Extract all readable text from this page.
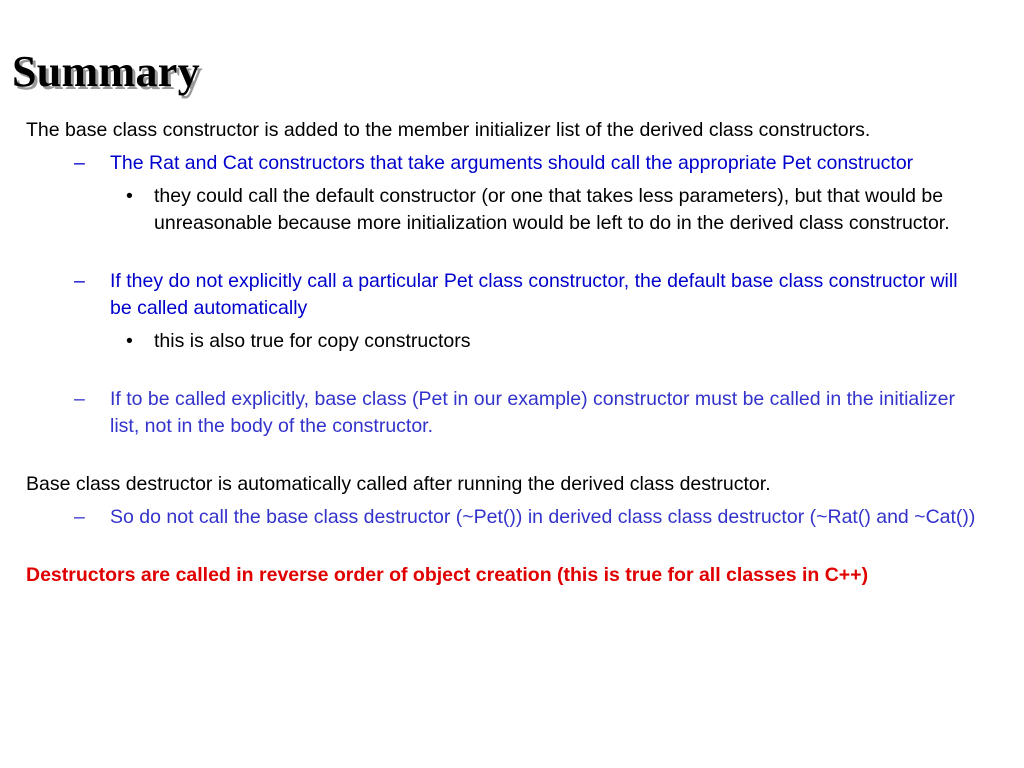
Summary

The base class constructor is added to the member initializer list of the derived class constructors.

– The Rat and Cat constructors that take arguments should call the appropriate Pet constructor

• they could call the default constructor (or one that takes less parameters), but that would be unreasonable because more initialization would be left to do in the derived class constructor.

– If they do not explicitly call a particular Pet class constructor, the default base class constructor will be called automatically

• this is also true for copy constructors

– If to be called explicitly, base class (Pet in our example) constructor must be called in the initializer list, not in the body of the constructor.

Base class destructor is automatically called after running the derived class destructor.

– So do not call the base class destructor (~Pet()) in derived class class destructor (~Rat() and ~Cat())

Destructors are called in reverse order of object creation (this is true for all classes in C++)
